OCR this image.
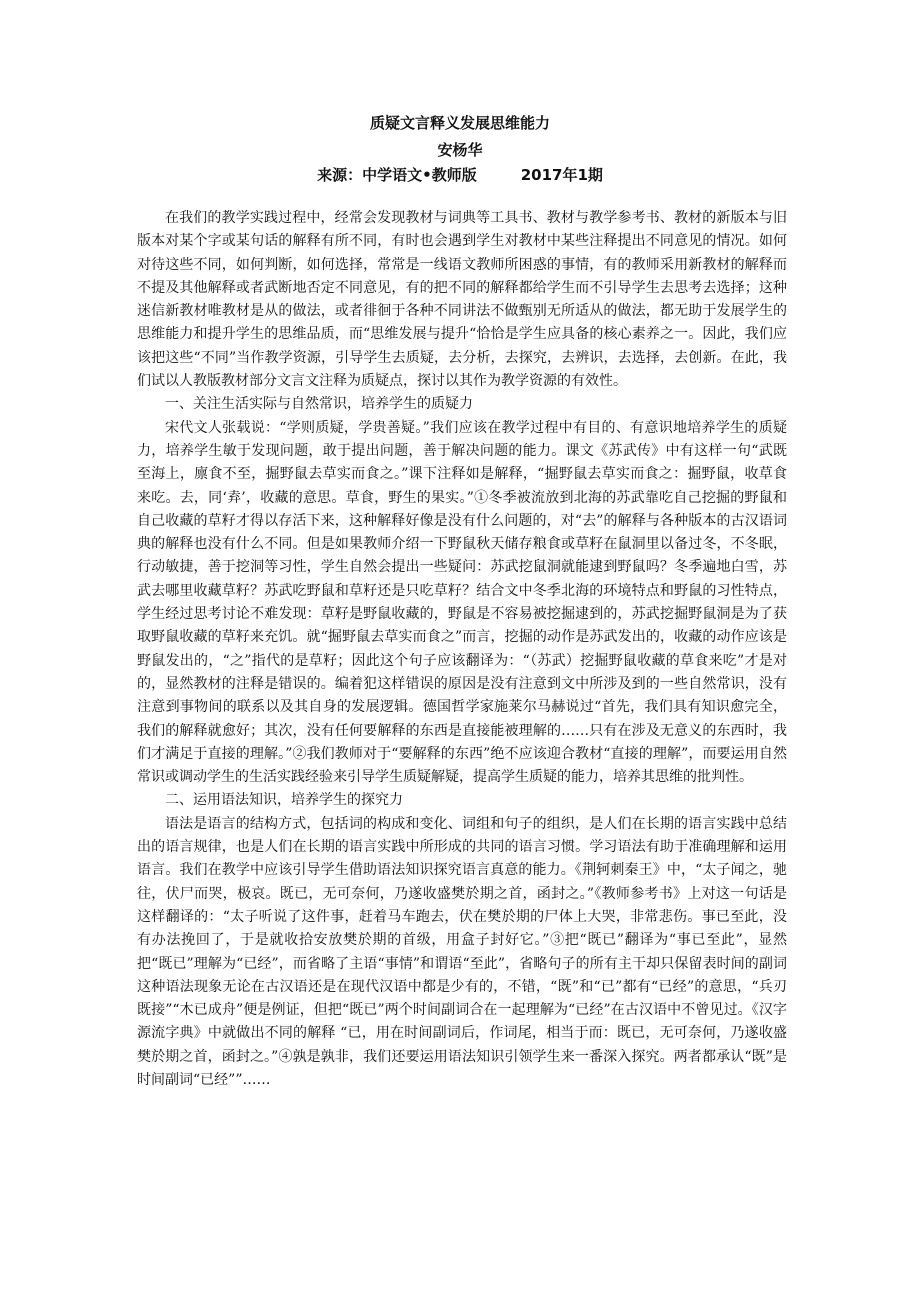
质疑文言释义发展思维能力
安杨华
来源：中学语文•教师版	2017年1期

在我们的教学实践过程中，经常会发现教材与词典等工具书、教材与教学参考书、教材的新版本与旧版本对某个字或某句话的解释有所不同，有时也会遇到学生对教材中某些注释提出不同意见的情况。如何对待这些不同，如何判断，如何选择，常常是一线语文教师所困惑的事情，有的教师采用新教材的解释而不提及其他解释或者武断地否定不同意见，有的把不同的解释都给学生而不引导学生去思考去选择；这种迷信新教材唯教材是从的做法，或者徘徊于各种不同讲法不做甄别无所适从的做法，都无助于发展学生的思维能力和提升学生的思维品质，而“思维发展与提升“恰恰是学生应具备的核心素养之一。因此，我们应该把这些“不同”当作教学资源，引导学生去质疑，去分析，去探究，去辨识，去选择，去创新。在此，我们试以人教版教材部分文言文注释为质疑点，探讨以其作为教学资源的有效性。

一、关注生活实际与自然常识，培养学生的质疑力

宋代文人张载说：“学则质疑，学贵善疑。”我们应该在教学过程中有目的、有意识地培养学生的质疑力，培养学生敏于发现问题，敢于提出问题，善于解决问题的能力。课文《苏武传》中有这样一句“武既至海上，廪食不至，掘野鼠去草实而食之。”课下注释如是解释，“掘野鼠去草实而食之：掘野鼠，收草食来吃。去，同‘弆’，收藏的意思。草食，野生的果实。”①冬季被流放到北海的苏武靠吃自己挖掘的野鼠和自己收藏的草籽才得以存活下来，这种解释好像是没有什么问题的，对“去”的解释与各种版本的古汉语词典的解释也没有什么不同。但是如果教师介绍一下野鼠秋天储存粮食或草籽在鼠洞里以备过冬，不冬眠，行动敏捷，善于挖洞等习性，学生自然会提出一些疑问：苏武挖鼠洞就能逮到野鼠吗？冬季遍地白雪，苏武去哪里收藏草籽？苏武吃野鼠和草籽还是只吃草籽？结合文中冬季北海的环境特点和野鼠的习性特点，学生经过思考讨论不难发现：草籽是野鼠收藏的，野鼠是不容易被挖掘逮到的，苏武挖掘野鼠洞是为了获取野鼠收藏的草籽来充饥。就“掘野鼠去草实而食之”而言，挖掘的动作是苏武发出的，收藏的动作应该是野鼠发出的，“之”指代的是草籽；因此这个句子应该翻译为：“（苏武）挖掘野鼠收藏的草食来吃”才是对的，显然教材的注释是错误的。编着犯这样错误的原因是没有注意到文中所涉及到的一些自然常识，没有注意到事物间的联系以及其自身的发展逻辑。德国哲学家施莱尔马赫说过“首先，我们具有知识愈完全，我们的解释就愈好；其次，没有任何要解释的东西是直接能被理解的……只有在涉及无意义的东西时，我们才满足于直接的理解。”②我们教师对于“要解释的东西”绝不应该迎合教材“直接的理解”，而要运用自然常识或调动学生的生活实践经验来引导学生质疑解疑，提高学生质疑的能力，培养其思维的批判性。

二、运用语法知识，培养学生的探究力

语法是语言的结构方式，包括词的构成和变化、词组和句子的组织，是人们在长期的语言实践中总结出的语言规律，也是人们在长期的语言实践中所形成的共同的语言习惯。学习语法有助于准确理解和运用语言。我们在教学中应该引导学生借助语法知识探究语言真意的能力。《荆轲刺秦王》中，“太子闻之，驰往，伏尸而哭，极哀。既已，无可奈何，乃遂收盛樊於期之首，函封之。”《教师参考书》上对这一句话是这样翻译的：“太子听说了这件事，赶着马车跑去，伏在樊於期的尸体上大哭，非常悲伤。事已至此，没有办法挽回了，于是就收拾安放樊於期的首级，用盒子封好它。”③把“既已”翻译为“事已至此”，显然把“既已”理解为“已经”，而省略了主语“事情”和谓语“至此”，省略句子的所有主干却只保留表时间的副词这种语法现象无论在古汉语还是在现代汉语中都是少有的，不错，“既”和“已”都有“已经”的意思，“兵刃既接”“木已成舟”便是例证，但把“既已”两个时间副词合在一起理解为“已经”在古汉语中不曾见过。《汉字源流字典》中就做出不同的解释 “已，用在时间副词后，作词尾，相当于而：既已，无可奈何，乃遂收盛樊於期之首，函封之。”④孰是孰非，我们还要运用语法知识引领学生来一番深入探究。两者都承认“既”是时间副词“已经””……
